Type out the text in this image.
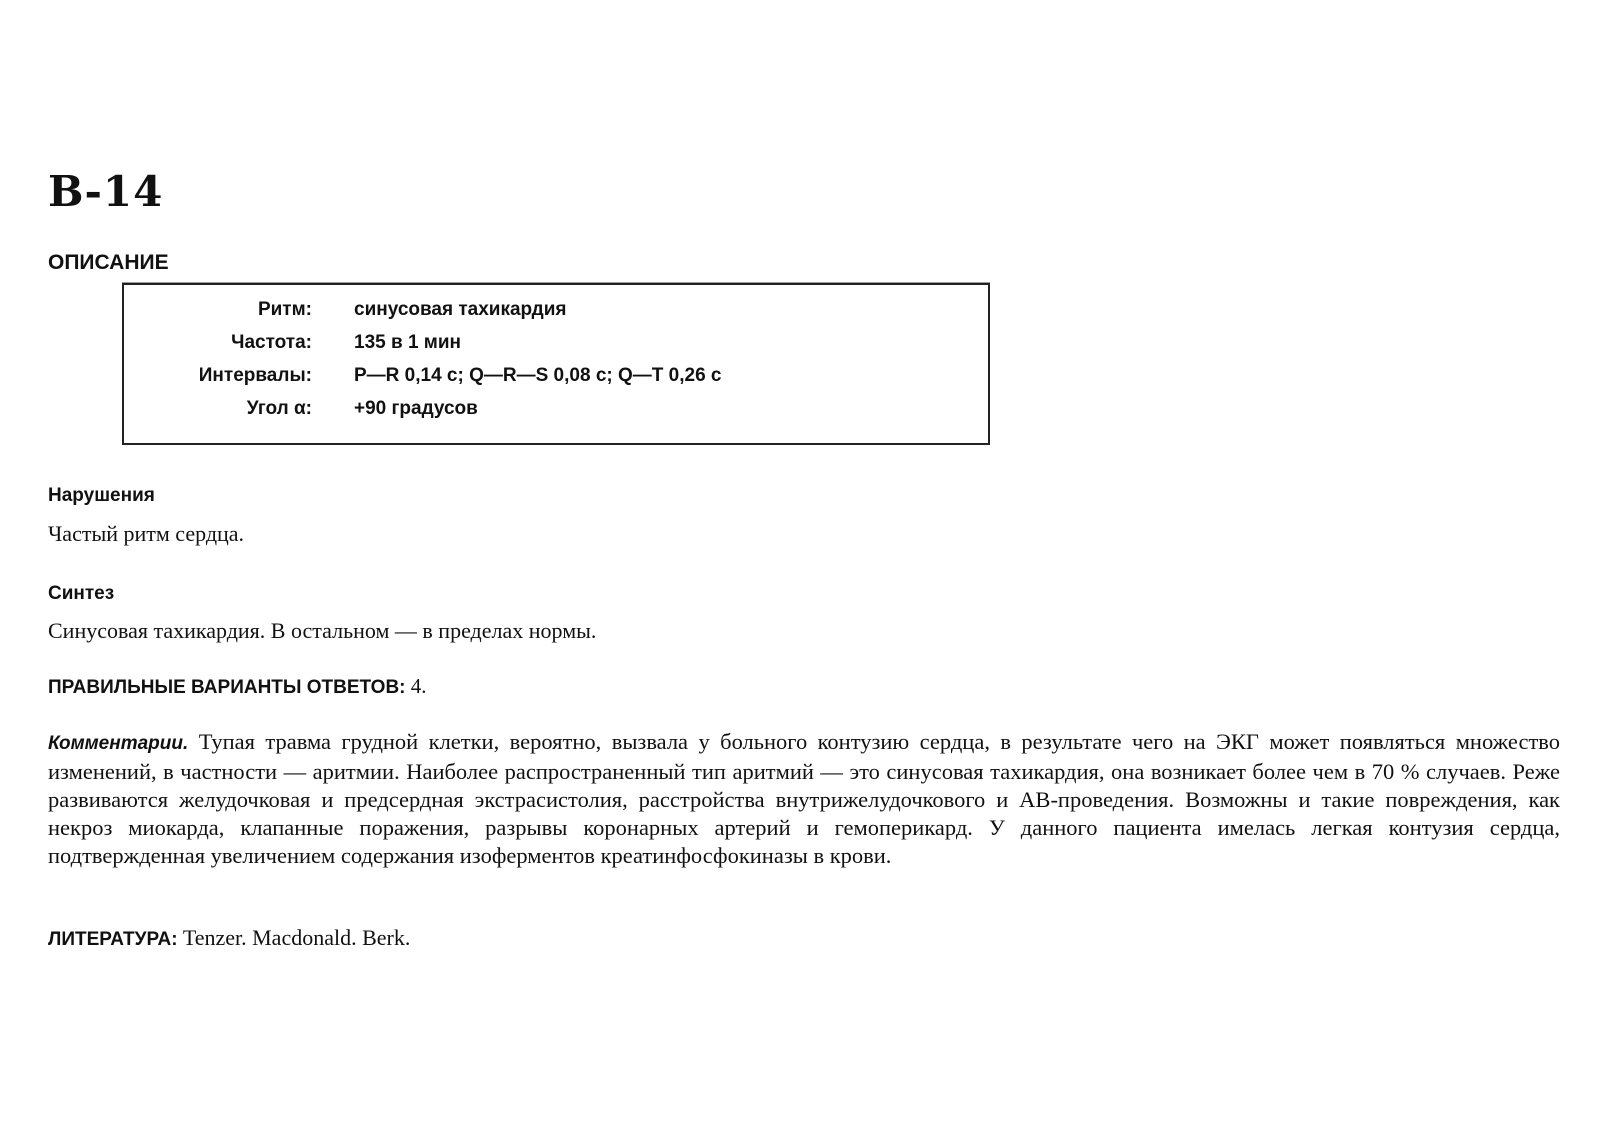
В-14
ОПИСАНИЕ
Ритм: синусовая тахикардия
Частота: 135 в 1 мин
Интервалы: P—R 0,14 с; Q—R—S 0,08 с; Q—T 0,26 с
Угол α: +90 градусов
Нарушения

Частый ритм сердца.

Синтез

Синусовая тахикардия. В остальном — в пределах нормы.

ПРАВИЛЬНЫЕ ВАРИАНТЫ ОТВЕТОВ: 4.

Комментарии. Тупая травма грудной клетки, вероятно, вызвала у больного контузию сердца, в результате чего на ЭКГ может появляться множество изменений, в частности — аритмии. Наиболее распространенный тип аритмий — это синусовая тахикардия, она возникает более чем в 70 % случаев. Реже развиваются желудочковая и предсердная экстрасистолия, расстройства внутрижелудочкового и АВ-проведения. Возможны и такие повреждения, как некроз миокарда, клапанные поражения, разрывы коронарных артерий и гемоперикард. У данного пациента имелась легкая контузия сердца, подтвержденная увеличением содержания изоферментов креатинфосфокиназы в крови.

ЛИТЕРАТУРА: Tenzer. Macdonald. Berk.
